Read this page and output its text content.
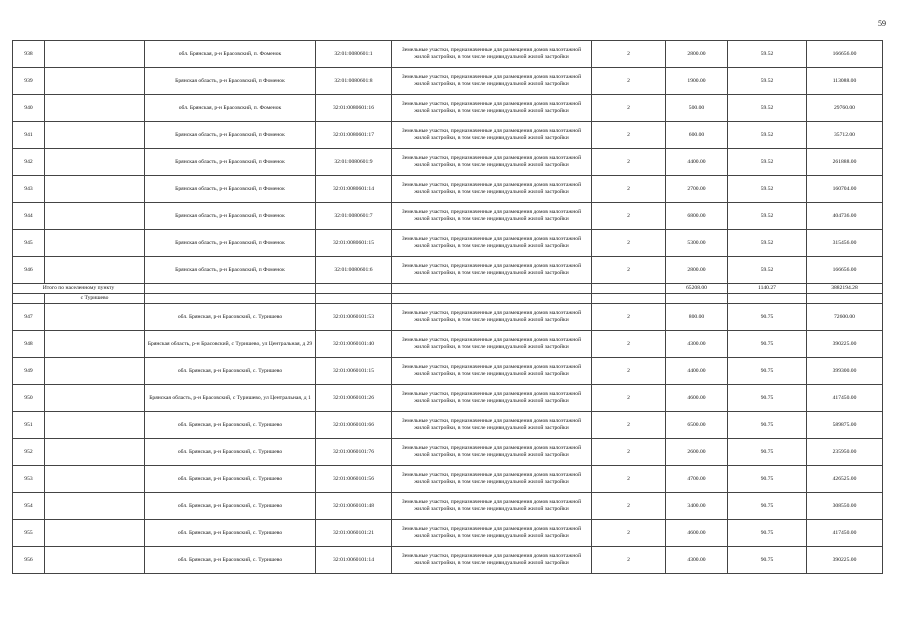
59
938		обл. Брянская, р-н Брасовский, п. Фоменок	32:01:0080601:1	Земельные участки, предназначенные для размещения домов малоэтажной жилой застройки, в том числе индивидуальной жилой застройки	2	2800.00	59.52	166656.00
939		Брянская область, р-н Брасовский, п Фоменок	32:01:0080601:8	Земельные участки, предназначенные для размещения домов малоэтажной жилой застройки, в том числе индивидуальной жилой застройки	2	1900.00	59.52	113088.00
940		обл. Брянская, р-н Брасовский, п. Фоменок	32:01:0080601:16	Земельные участки, предназначенные для размещения домов малоэтажной жилой застройки, в том числе индивидуальной жилой застройки	2	500.00	59.52	29760.00
941		Брянская область, р-н Брасовский, п Фоменок	32:01:0080601:17	Земельные участки, предназначенные для размещения домов малоэтажной жилой застройки, в том числе индивидуальной жилой застройки	2	600.00	59.52	35712.00
942		Брянская область, р-н Брасовский, п Фоменок	32:01:0080601:9	Земельные участки, предназначенные для размещения домов малоэтажной жилой застройки, в том числе индивидуальной жилой застройки	2	4400.00	59.52	261888.00
943		Брянская область, р-н Брасовский, п Фоменок	32:01:0080601:14	Земельные участки, предназначенные для размещения домов малоэтажной жилой застройки, в том числе индивидуальной жилой застройки	2	2700.00	59.52	160704.00
944		Брянская область, р-н Брасовский, п Фоменок	32:01:0080601:7	Земельные участки, предназначенные для размещения домов малоэтажной жилой застройки, в том числе индивидуальной жилой застройки	2	6800.00	59.52	404736.00
945		Брянская область, р-н Брасовский, п Фоменок	32:01:0080601:15	Земельные участки, предназначенные для размещения домов малоэтажной жилой застройки, в том числе индивидуальной жилой застройки	2	5300.00	59.52	315456.00
946		Брянская область, р-н Брасовский, п Фоменок	32:01:0080601:6	Земельные участки, предназначенные для размещения домов малоэтажной жилой застройки, в том числе индивидуальной жилой застройки	2	2800.00	59.52	166656.00
Итого по населенному пункту						65208.00	1140.27	3882194.28
	с Туришево							
947		обл. Брянская, р-н Брасовский, с. Туришево	32:01:0060101:53	Земельные участки, предназначенные для размещения домов малоэтажной жилой застройки, в том числе индивидуальной жилой застройки	2	800.00	90.75	72600.00
948		Брянская область, р-н Брасовский, с Туришево, ул Центральная, д 29	32:01:0060101:40	Земельные участки, предназначенные для размещения домов малоэтажной жилой застройки, в том числе индивидуальной жилой застройки	2	4300.00	90.75	390225.00
949		обл. Брянская, р-н Брасовский, с. Туришево	32:01:0060101:15	Земельные участки, предназначенные для размещения домов малоэтажной жилой застройки, в том числе индивидуальной жилой застройки	2	4400.00	90.75	399300.00
950		Брянская область, р-н Брасовский, с Туришево, ул Центральная, д 1	32:01:0060101:26	Земельные участки, предназначенные для размещения домов малоэтажной жилой застройки, в том числе индивидуальной жилой застройки	2	4600.00	90.75	417450.00
951		обл. Брянская, р-н Брасовский, с. Туришево	32:01:0060101:66	Земельные участки, предназначенные для размещения домов малоэтажной жилой застройки, в том числе индивидуальной жилой застройки	2	6500.00	90.75	589875.00
952		обл. Брянская, р-н Брасовский, с. Туришево	32:01:0060101:76	Земельные участки, предназначенные для размещения домов малоэтажной жилой застройки, в том числе индивидуальной жилой застройки	2	2600.00	90.75	235950.00
953		обл. Брянская, р-н Брасовский, с. Туришево	32:01:0060101:56	Земельные участки, предназначенные для размещения домов малоэтажной жилой застройки, в том числе индивидуальной жилой застройки	2	4700.00	90.75	426525.00
954		обл. Брянская, р-н Брасовский, с. Туришево	32:01:0060101:48	Земельные участки, предназначенные для размещения домов малоэтажной жилой застройки, в том числе индивидуальной жилой застройки	2	3400.00	90.75	308550.00
955		обл. Брянская, р-н Брасовский, с. Туришево	32:01:0060101:21	Земельные участки, предназначенные для размещения домов малоэтажной жилой застройки, в том числе индивидуальной жилой застройки	2	4600.00	90.75	417450.00
956		обл. Брянская, р-н Брасовский, с. Туришево	32:01:0060101:14	Земельные участки, предназначенные для размещения домов малоэтажной жилой застройки, в том числе индивидуальной жилой застройки	2	4300.00	90.75	390225.00
